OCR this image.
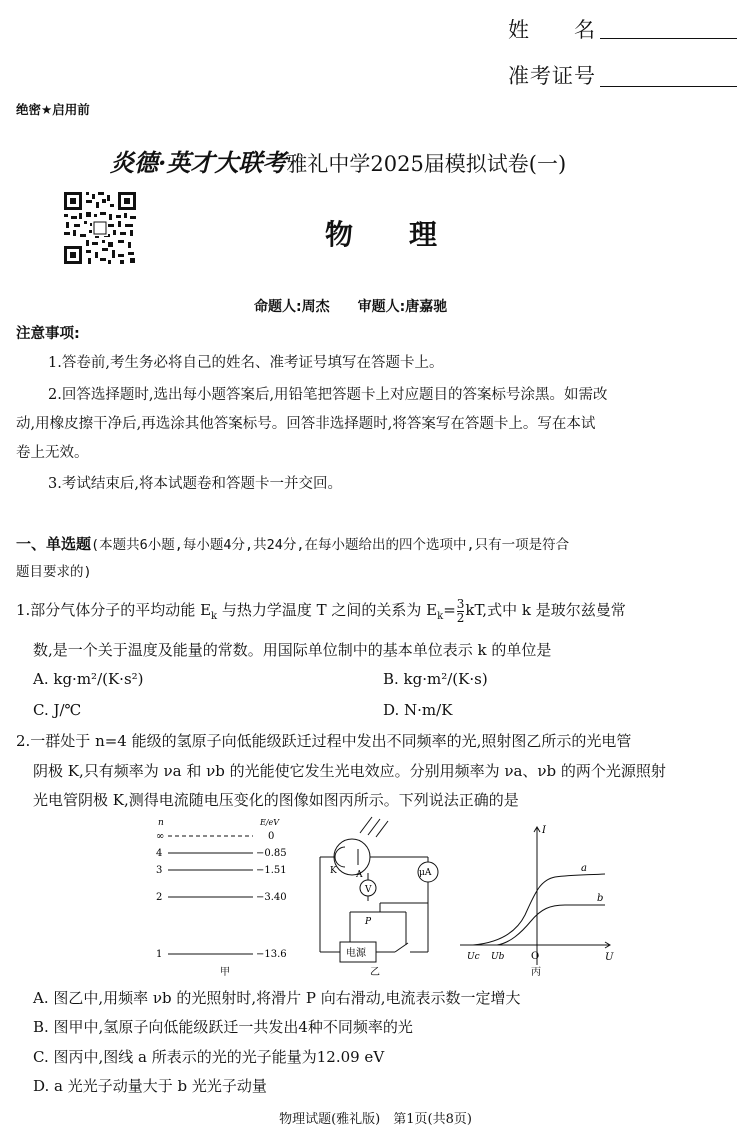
姓　　名
准考证号
绝密★启用前
炎德·英才大联考雅礼中学2025届模拟试卷(一)
物　　理
命题人:周杰　　审题人:唐嘉驰
注意事项:
1.答卷前,考生务必将自己的姓名、准考证号填写在答题卡上。
2.回答选择题时,选出每小题答案后,用铅笔把答题卡上对应题目的答案标号涂黑。如需改
动,用橡皮擦干净后,再选涂其他答案标号。回答非选择题时,将答案写在答题卡上。写在本试
卷上无效。
3.考试结束后,将本试题卷和答题卡一并交回。
一、单选题(本题共6小题,每小题4分,共24分,在每小题给出的四个选项中,只有一项是符合
题目要求的)
1.部分气体分子的平均动能 $E_k$ 与热力学温度 T 之间的关系为 $E_k= \frac{3}{2}$ kT,式中 k 是玻尔兹曼常
数,是一个关于温度及能量的常数。用国际单位制中的基本单位表示 k 的单位是
A. kg·m²/(K·s²)	B. kg·m²/(K·s)
C. J/℃	D. N·m/K
2.一群处于 n=4 能级的氢原子向低能级跃迁过程中发出不同频率的光,照射图乙所示的光电管
阴极 K,只有频率为 νa 和 νb 的光能使它发生光电效应。分别用频率为 νa、νb 的两个光源照射
光电管阴极 K,测得电流随电压变化的图像如图丙所示。下列说法正确的是
n	E/eV
∞	0
4	−0.85
3	−1.51
2	−3.40
1	−13.6
甲
K A
V
μA
P
电源
乙
I
U
O
Uc Ub
a
b
丙
A. 图乙中,用频率 νb 的光照射时,将滑片 P 向右滑动,电流表示数一定增大
B. 图甲中,氢原子向低能级跃迁一共发出4种不同频率的光
C. 图丙中,图线 a 所表示的光的光子能量为12.09 eV
D. a 光光子动量大于 b 光光子动量
物理试题(雅礼版)　第1页(共8页)
